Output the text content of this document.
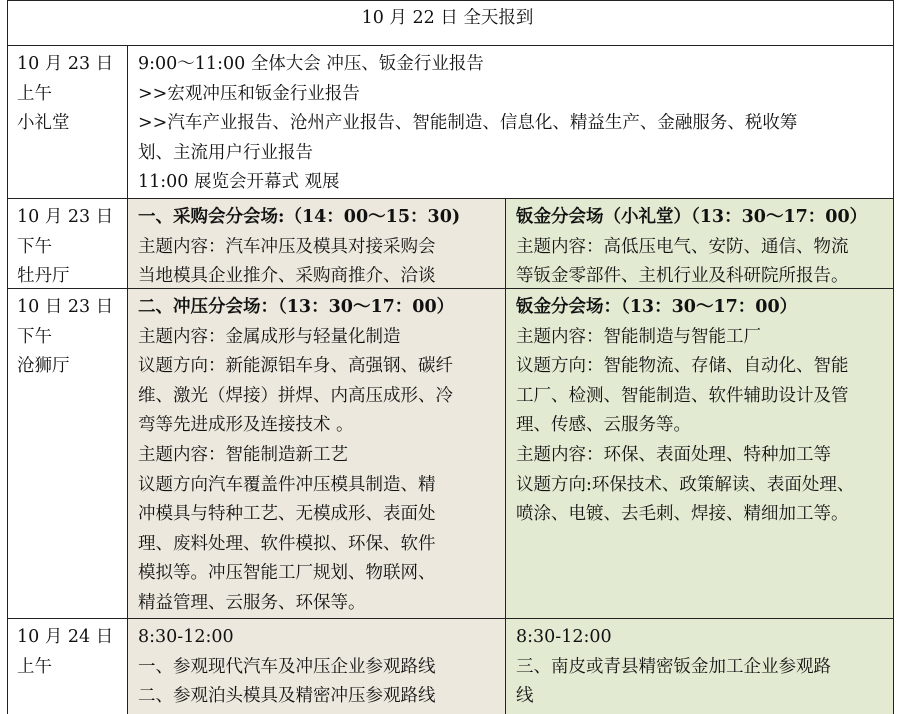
10 月 22 日 全天报到
10 月 23 日
上午
小礼堂
9:00～11:00 全体大会 冲压、钣金行业报告
>>宏观冲压和钣金行业报告
>>汽车产业报告、沧州产业报告、智能制造、信息化、精益生产、金融服务、税收筹
划、主流用户行业报告
11:00 展览会开幕式 观展
10 月 23 日
下午
牡丹厅
一、采购会分会场:（14：00～15：30)
主题内容：汽车冲压及模具对接采购会
当地模具企业推介、采购商推介、洽谈
钣金分会场（小礼堂）（13：30～17：00）
主题内容：高低压电气、安防、通信、物流
等钣金零部件、主机行业及科研院所报告。
10 日 23 日
下午
沧狮厅
二、冲压分会场：（13：30～17：00）
主题内容：金属成形与轻量化制造
议题方向：新能源铝车身、高强钢、碳纤
维、激光（焊接）拼焊、内高压成形、冷
弯等先进成形及连接技术 。
主题内容：智能制造新工艺
议题方向汽车覆盖件冲压模具制造、精
冲模具与特种工艺、无模成形、表面处
理、废料处理、软件模拟、环保、软件
模拟等。冲压智能工厂规划、物联网、
精益管理、云服务、环保等。
钣金分会场：（13：30～17：00）
主题内容：智能制造与智能工厂
议题方向：智能物流、存储、自动化、智能
工厂、检测、智能制造、软件辅助设计及管
理、传感、云服务等。
主题内容：环保、表面处理、特种加工等
议题方向:环保技术、政策解读、表面处理、
喷涂、电镀、去毛刺、焊接、精细加工等。
10 月 24 日
上午
8:30-12:00
一、参观现代汽车及冲压企业参观路线
二、参观泊头模具及精密冲压参观路线
8:30-12:00
三、南皮或青县精密钣金加工企业参观路
线
